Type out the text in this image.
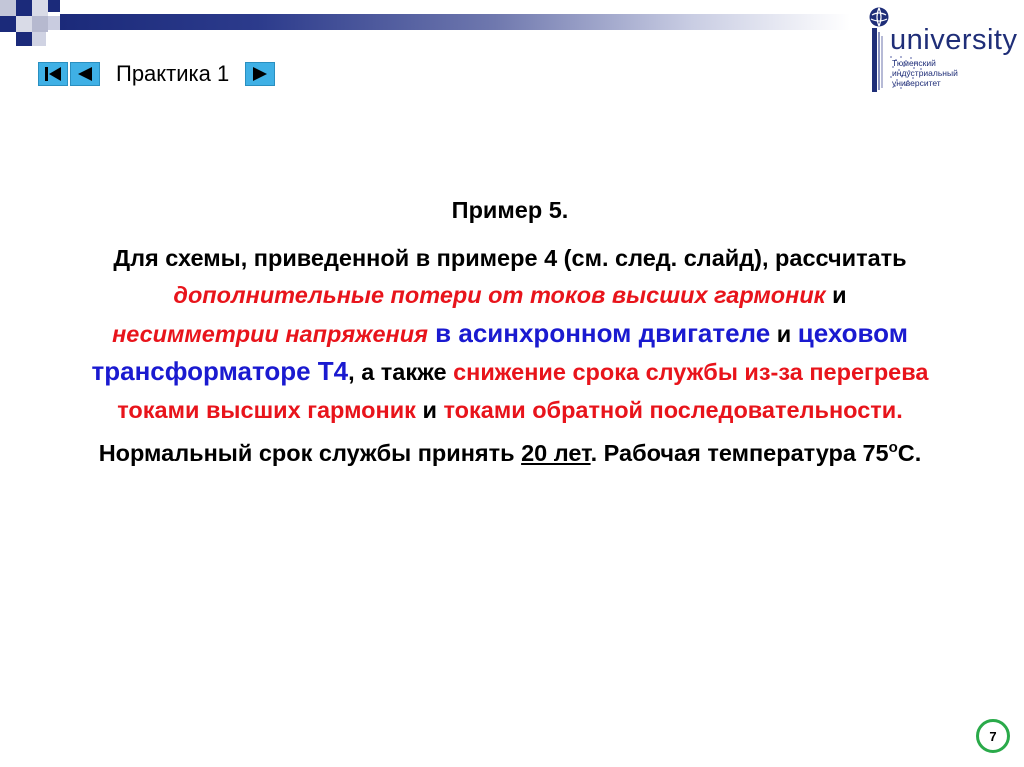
Практика 1
university
Тюменский
индустриальный
университет

Пример 5.

Для схемы, приведенной в примере 4 (см. след. слайд), рассчитать дополнительные потери от токов высших гармоник и несимметрии напряжения в асинхронном двигателе и цеховом трансформаторе Т4, а также снижение срока службы из-за перегрева токами высших гармоник и токами обратной последовательности. Нормальный срок службы принять 20 лет. Рабочая температура $75^оС$.

7
